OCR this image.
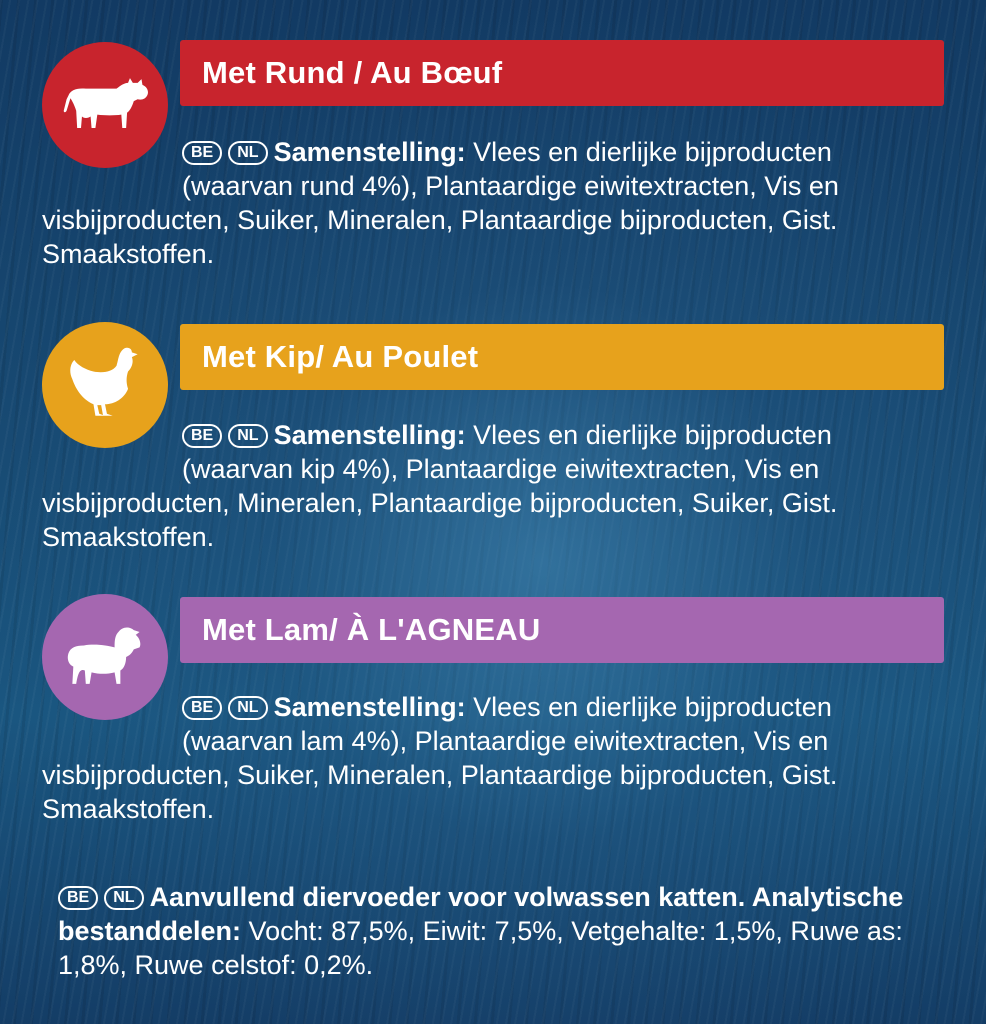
Met Rund / Au Bœuf
BE NL Samenstelling: Vlees en dierlijke bijproducten
(waarvan rund 4%), Plantaardige eiwitextracten, Vis en visbijproducten, Suiker, Mineralen, Plantaardige bijproducten, Gist. Smaakstoffen.
Met Kip/ Au Poulet
BE NL Samenstelling: Vlees en dierlijke bijproducten
(waarvan kip 4%), Plantaardige eiwitextracten, Vis en visbijproducten, Mineralen, Plantaardige bijproducten, Suiker, Gist. Smaakstoffen.
Met Lam/ À L'AGNEAU
BE NL Samenstelling: Vlees en dierlijke bijproducten
(waarvan lam 4%), Plantaardige eiwitextracten, Vis en visbijproducten, Suiker, Mineralen, Plantaardige bijproducten, Gist. Smaakstoffen.
BE NL Aanvullend diervoeder voor volwassen katten. Analytische bestanddelen: Vocht: 87,5%, Eiwit: 7,5%, Vetgehalte: 1,5%, Ruwe as: 1,8%, Ruwe celstof: 0,2%.
